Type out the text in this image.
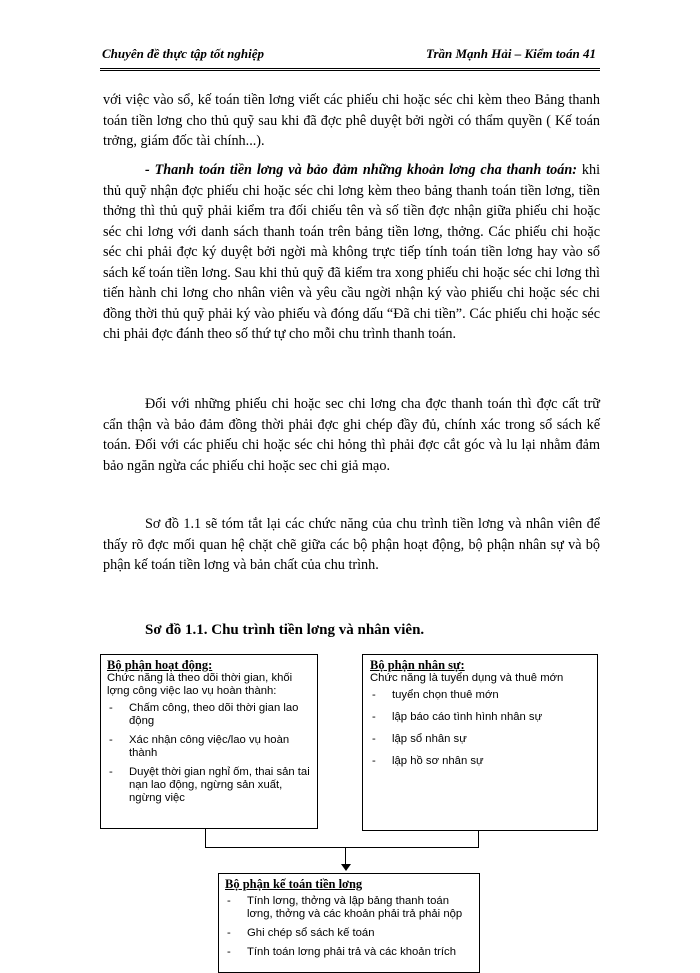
Chuyên đề thực tập tốt nghiệp	Trần Mạnh Hải – Kiểm toán 41

với việc vào sổ, kế toán tiền lơng viết các phiếu chi hoặc séc chi kèm theo Bảng thanh toán tiền lơng cho thủ quỹ sau khi đã đợc phê duyệt bởi ngời có thẩm quyền ( Kế toán trởng, giám đốc tài chính...).

- Thanh toán tiền lơng và bảo đảm những khoản lơng cha thanh toán: khi thủ quỹ nhận đợc phiếu chi hoặc séc chi lơng kèm theo bảng thanh toán tiền lơng, tiền thởng thì thủ quỹ phải kiểm tra đối chiếu tên và số tiền đợc nhận giữa phiếu chi hoặc séc chi lơng với danh sách thanh toán trên bảng tiền lơng, thởng. Các phiếu chi hoặc séc chi phải đợc ký duyệt bởi ngời mà không trực tiếp tính toán tiền lơng hay vào sổ sách kế toán tiền lơng. Sau khi thủ quỹ đã kiểm tra xong phiếu chi hoặc séc chi lơng thì tiến hành chi lơng cho nhân viên và yêu cầu ngời nhận ký vào phiếu chi hoặc séc chi đồng thời thủ quỹ phải ký vào phiếu và đóng dấu “Đã chi tiền”. Các phiếu chi hoặc séc chi phải đợc đánh theo số thứ tự cho mỗi chu trình thanh toán.

Đối với những phiếu chi hoặc sec chi lơng cha đợc thanh toán thì đợc cất trữ cẩn thận và bảo đảm đồng thời phải đợc ghi chép đầy đủ, chính xác trong sổ sách kế toán. Đối với các phiếu chi hoặc séc chi hỏng thì phải đợc cắt góc và lu lại nhằm đảm bảo ngăn ngừa các phiếu chi hoặc sec chi giả mạo.

Sơ đồ 1.1 sẽ tóm tắt lại các chức năng của chu trình tiền lơng và nhân viên để thấy rõ đợc mối quan hệ chặt chẽ giữa các bộ phận hoạt động, bộ phận nhân sự và bộ phận kế toán tiền lơng và bản chất của chu trình.

Sơ đồ 1.1. Chu trình tiền lơng và nhân viên.
Bộ phận hoạt động:
Chức năng là theo dõi thời gian, khối lợng công việc lao vụ hoàn thành:
- Chấm công, theo dõi thời gian lao động
- Xác nhận công việc/lao vụ hoàn thành
- Duyệt thời gian nghỉ ốm, thai sản tai nạn lao động, ngừng sản xuất, ngừng việc
Bộ phận nhân sự:
Chức năng là tuyển dụng và thuê mớn
- tuyển chọn thuê mớn
- lập báo cáo tình hình nhân sự
- lập sổ nhân sự
- lập hồ sơ nhân sự
Bộ phận kế toán tiền lơng
- Tính lơng, thởng và lập bảng thanh toán lơng, thởng và các khoản phải trả phải nộp
- Ghi chép sổ sách kế toán
- Tính toán lơng phải trả và các khoản trích
